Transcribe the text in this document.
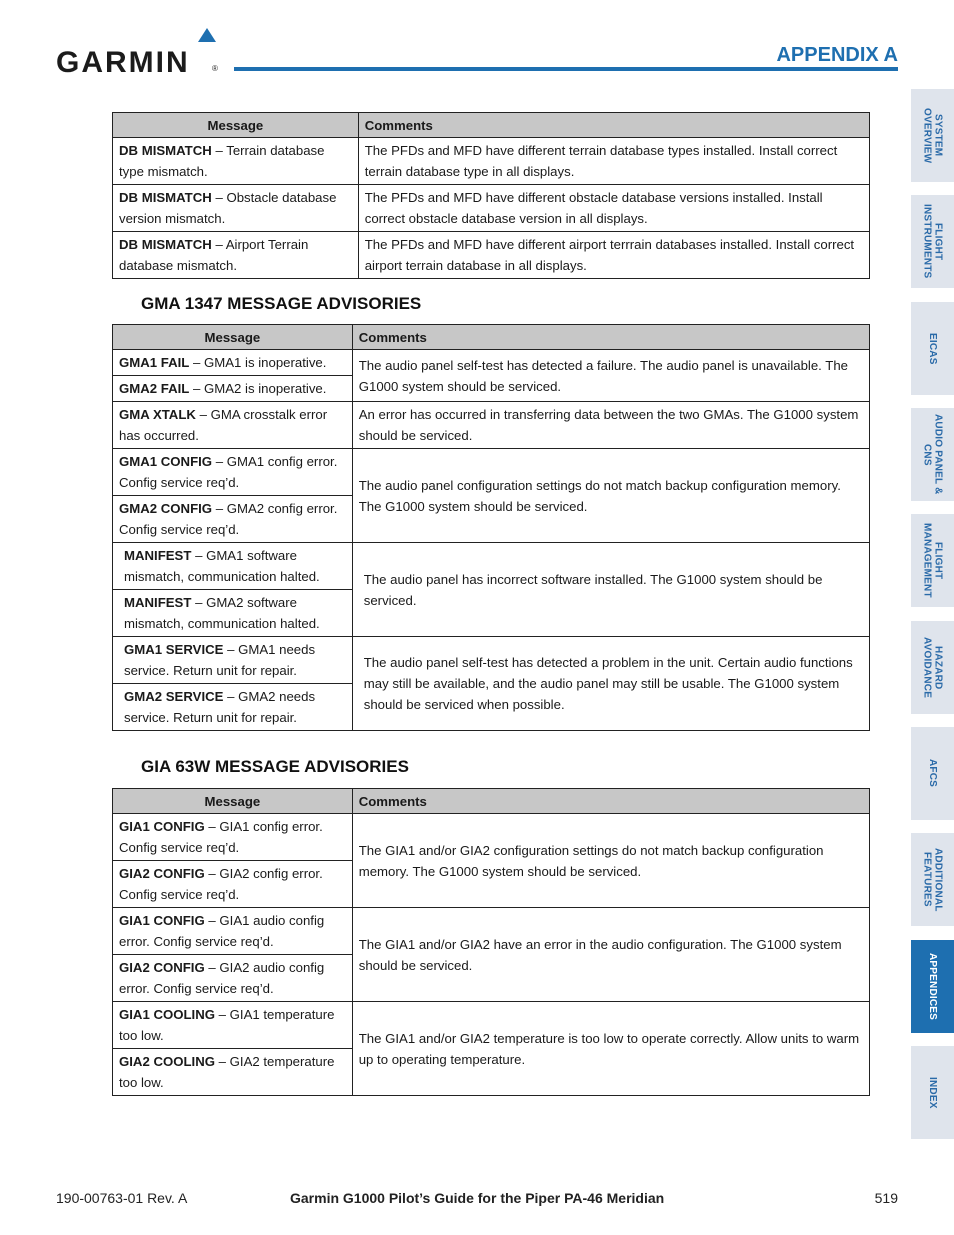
GARMIN	®
APPENDIX A
SYSTEM OVERVIEW
FLIGHT INSTRUMENTS
EICAS
AUDIO PANEL & CNS
FLIGHT MANAGEMENT
HAZARD AVOIDANCE
AFCS
ADDITIONAL FEATURES
APPENDICES
INDEX
Message	Comments
DB MISMATCH – Terrain database type mismatch.	The PFDs and MFD have different terrain database types installed. Install correct terrain database type in all displays.
DB MISMATCH – Obstacle database version mismatch.	The PFDs and MFD have different obstacle database versions installed. Install correct obstacle database version in all displays.
DB MISMATCH – Airport Terrain database mismatch.	The PFDs and MFD have different airport terrrain databases installed. Install correct airport terrain database in all displays.
GMA 1347 MESSAGE ADVISORIES
Message	Comments
GMA1 FAIL – GMA1 is inoperative.	The audio panel self-test has detected a failure. The audio panel is unavailable. The G1000 system should be serviced.
GMA2 FAIL – GMA2 is inoperative.	
GMA XTALK – GMA crosstalk error has occurred.	An error has occurred in transferring data between the two GMAs. The G1000 system should be serviced.
GMA1 CONFIG – GMA1 config error. Config service req’d.	The audio panel configuration settings do not match backup configuration memory. The G1000 system should be serviced.
GMA2 CONFIG – GMA2 config error. Config service req’d.	
MANIFEST – GMA1 software mismatch, communication halted.	The audio panel has incorrect software installed. The G1000 system should be serviced.
MANIFEST – GMA2 software mismatch, communication halted.	
GMA1 SERVICE – GMA1 needs service. Return unit for repair.	The audio panel self-test has detected a problem in the unit. Certain audio functions may still be available, and the audio panel may still be usable. The G1000 system should be serviced when possible.
GMA2 SERVICE – GMA2 needs service. Return unit for repair.	
GIA 63W MESSAGE ADVISORIES
Message	Comments
GIA1 CONFIG – GIA1 config error. Config service req’d.	The GIA1 and/or GIA2 configuration settings do not match backup configuration memory. The G1000 system should be serviced.
GIA2 CONFIG – GIA2 config error. Config service req’d.	
GIA1 CONFIG – GIA1 audio config error. Config service req’d.	The GIA1 and/or GIA2 have an error in the audio configuration. The G1000 system should be serviced.
GIA2 CONFIG – GIA2 audio config error. Config service req’d.	
GIA1 COOLING – GIA1 temperature too low.	The GIA1 and/or GIA2 temperature is too low to operate correctly. Allow units to warm up to operating temperature.
GIA2 COOLING – GIA2 temperature too low.	
190-00763-01 Rev. A	Garmin G1000 Pilot’s Guide for the Piper PA-46 Meridian	519
